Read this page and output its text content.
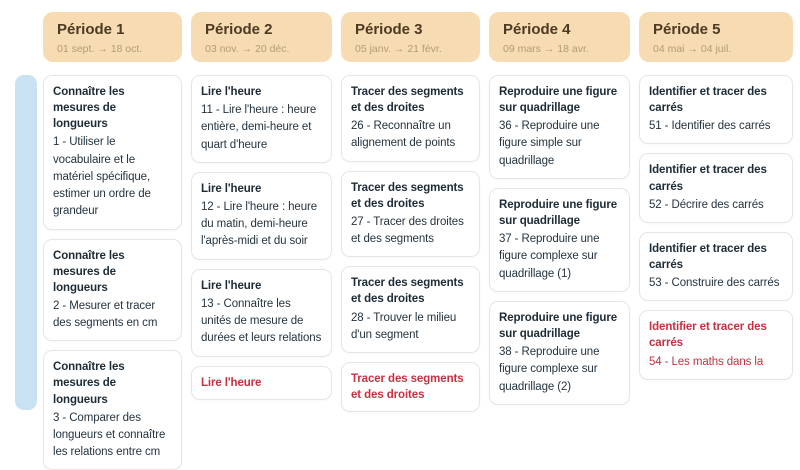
Période 1
01 sept. → 18 oct.
Période 2
03 nov. → 20 déc.
Période 3
05 janv. → 21 févr.
Période 4
09 mars → 18 avr.
Période 5
04 mai → 04 juil.
Connaître les mesures de longueurs
1 - Utiliser le vocabulaire et le matériel spécifique, estimer un ordre de grandeur
Connaître les mesures de longueurs
2 - Mesurer et tracer des segments en cm
Connaître les mesures de longueurs
3 - Comparer des longueurs et connaître les relations entre cm
Lire l'heure
11 - Lire l'heure : heure entière, demi-heure et quart d'heure
Lire l'heure
12 - Lire l'heure : heure du matin, demi-heure l'après-midi et du soir
Lire l'heure
13 - Connaître les unités de mesure de durées et leurs relations
Lire l'heure
Tracer des segments et des droites
26 - Reconnaître un alignement de points
Tracer des segments et des droites
27 - Tracer des droites et des segments
Tracer des segments et des droites
28 - Trouver le milieu d'un segment
Tracer des segments et des droites
Reproduire une figure sur quadrillage
36 - Reproduire une figure simple sur quadrillage
Reproduire une figure sur quadrillage
37 - Reproduire une figure complexe sur quadrillage (1)
Reproduire une figure sur quadrillage
38 - Reproduire une figure complexe sur quadrillage (2)
Identifier et tracer des carrés
51 - Identifier des carrés
Identifier et tracer des carrés
52 - Décrire des carrés
Identifier et tracer des carrés
53 - Construire des carrés
Identifier et tracer des carrés
54 - Les maths dans la
